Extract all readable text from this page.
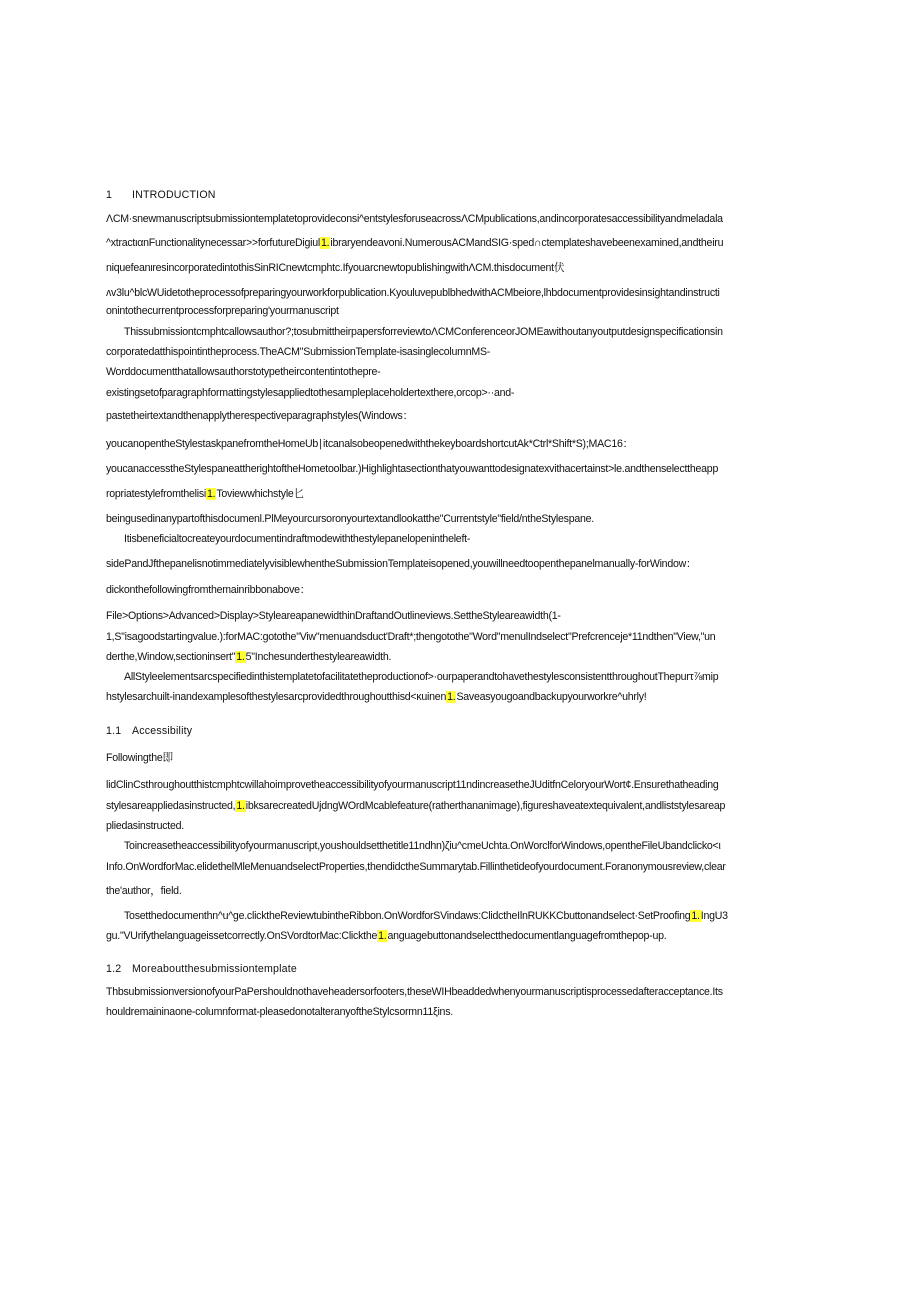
1 INTRODUCTION
ΛCM·snewmanuscriptsubmissiontemplatetoprovideconsi^entstylesforuseacrossΛCMpublications,andincorporatesaccessibilityandmeladala
^xtractιαnFunctionalitynecessar>>forfutureDigiul1.ibraryendeavoni.NumerousACMandSIG·sped∩ctemplateshavebeenexamined,andtheiru
niquefeanιresincorporatedintothisSinRICnewtcmphtc.IfyouarcnewtopublishingwithΛCM.thisdocument伏
ʌv3lu^blcWUidetotheprocessofpreparingyourworkforpublication.KyouluvepublbhedwithACMbeiore,lhbdocumentprovidesinsightandinstructi
onintothecurrentprocessforpreparing'yourmanuscript
Thissubmissiontcmphtcallowsauthor?;tosubmittheirpapersforreviewtoΛCMConferenceorJOMEawithoutanyoutputdesignspecificationsin
corporatedatthispointintheprocess.TheACM"SubmissionTemplate-isasinglecolumnMS-
Worddocumentthatallowsauthorstotypetheircontentintothepre-
existingsetofparagraphformattingstylesappliedtothesampleplaceholdertexthere,orcop>··and-
pastetheirtextandthenapplytherespectiveparagraphstyles(Windows：
youcanopentheStylestaskpanefromtheHomeUb∣itcanalsobeopenedwiththekeyboardshortcutAk*Ctrl*Shift*S);MAC16：
youcanaccesstheStylespaneattherightoftheHometoolbar.)Highlightasectionthatyouwanttodesignatexvithacertainst>le.andthenselecttheapp
ropriatestylefromthelisi1.Toviewwhichstyle匕
beingusedinanypartofthisdocumenl.PlMeyourcursoronyourtextandlookatthe"Currentstyle"field/ntheStylespane.
Itisbeneficialtocreateyourdocumentindraftmodewiththestylepanelopenintheleft-
sidePandJfthepanelisnotimmediatelyvisiblewhentheSubmissionTemplateisopened,youwillneedtoopenthepanelmanually-forWindow：
dickonthefollowingfromthemainribbonabove：
File>Options>Advanced>Display>StyleareapanewidthinDraftandOutlineviews.SettheStyleareawidth(1-
1,S"isagoodstartingvalue.):forMAC:gotothe"Viw"menuandsduct'Draft*;thengotothe"Word"menulIndselect"Prefcrenceje*11ndthen"View,"un
derthe,Window,sectioninsert"1.5"Inchesunderthestyleareawidth.
AllStyleelementsarcspecifiedinthistemplatetofacilitatetheproductionof>·ourpaperandtohavethestylesconsistentthroughoutThepurτ⅞mip
hstylesarchuilt-inandexamplesofthestylesarcprovidedthroughoutthisd<κuinen1.Saveasyougoandbackupyourworkre^uhrly!
1.1 Accessibility
Followingthe即
lidClinCsthroughoutthistcmphtcwillahoimprovetheaccessibilityofyourmanuscript11ndincreasetheJUditfnCeloryourWort¢.Ensurethatheading
stylesareappliedasinstructed,1.ibksarecreatedUjdngWOrdMcablefeature(ratherthananimage),figureshaveatextequivalent,andliststylesareap
pliedasinstructed.
Toincreasetheaccessibilityofyourmanuscript,youshouldsetthetitle11ndhn)ζiu^cmeUchta.OnWorclforWindows,opentheFileUbandclicko<ι
Info.OnWordforMac.elidethelMleMenuandselectProperties,thendidctheSummarytab.Fillinthetideofyourdocument.Foranonymousreview,clear
the'author，field.
Tosetthedocumenthn^u^ge.clicktheReviewtubintheRibbon.OnWordforSVindaws:ClidctheIlnRUKKCbuttonandselect·SetProofing1.IngU3
gu."VUrifythelanguageissetcorrectly.OnSVordtorMac:Clickthe1.anguagebuttonandselectthedocumentlanguagefromthepop-up.
1.2 Moreaboutthesubmissiontemplate
ThbsubmissionversionofyourPaPershouldnothaveheadersorfooters,theseWIHbeaddedwhenyourmanuscriptisprocessedafteracceptance.Its
houldremaininaone-columnformat-pleasedonotalteranyoftheStylcsormn11ξins.
